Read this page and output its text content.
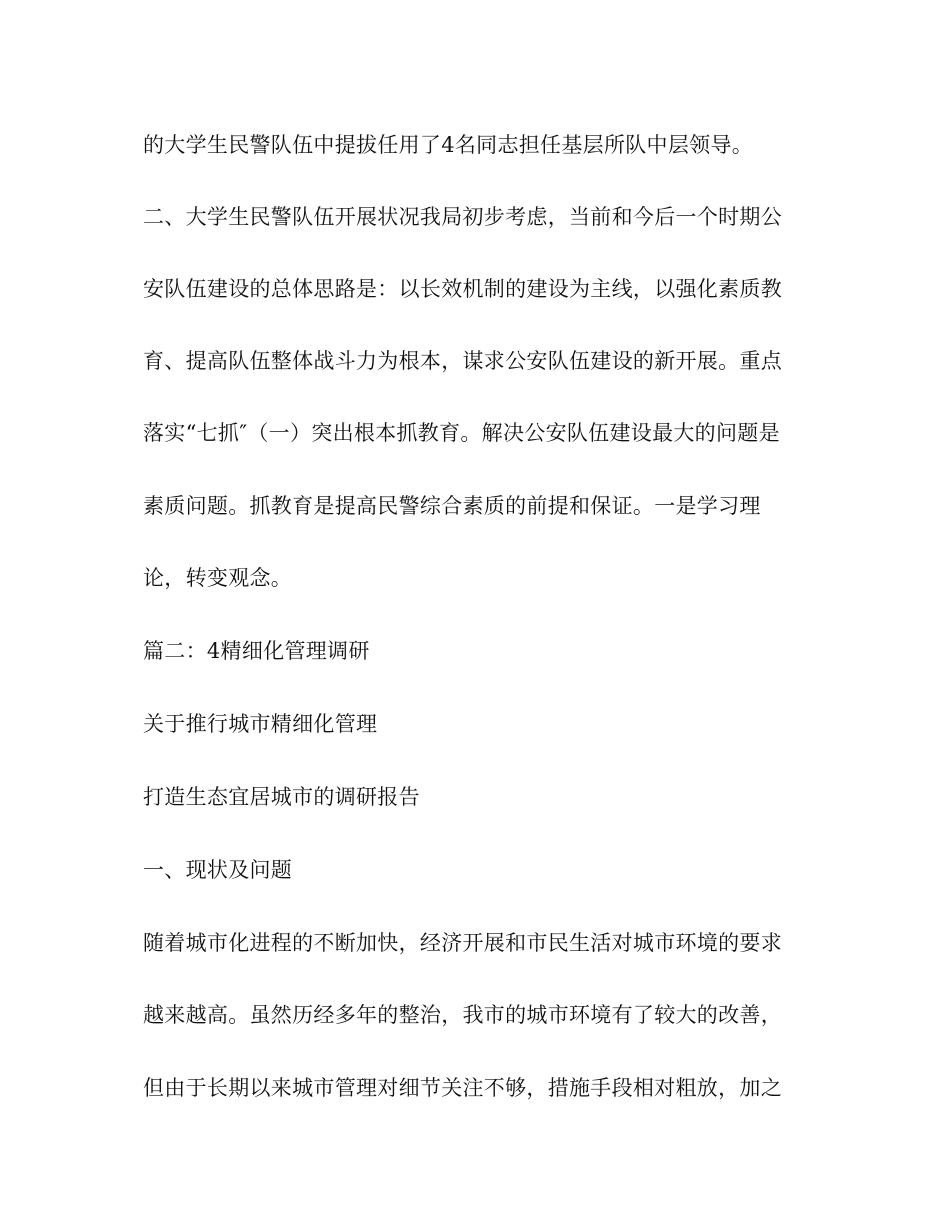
的大学生民警队伍中提拔任用了4名同志担任基层所队中层领导。
二、大学生民警队伍开展状况我局初步考虑，当前和今后一个时期公
安队伍建设的总体思路是：以长效机制的建设为主线，以强化素质教
育、提高队伍整体战斗力为根本，谋求公安队伍建设的新开展。重点
落实“七抓″（一）突出根本抓教育。解决公安队伍建设最大的问题是
素质问题。抓教育是提高民警综合素质的前提和保证。一是学习理
论，转变观念。
篇二：4精细化管理调研
关于推行城市精细化管理
打造生态宜居城市的调研报告
一、现状及问题
随着城市化进程的不断加快，经济开展和市民生活对城市环境的要求
越来越高。虽然历经多年的整治，我市的城市环境有了较大的改善，
但由于长期以来城市管理对细节关注不够，措施手段相对粗放，加之
